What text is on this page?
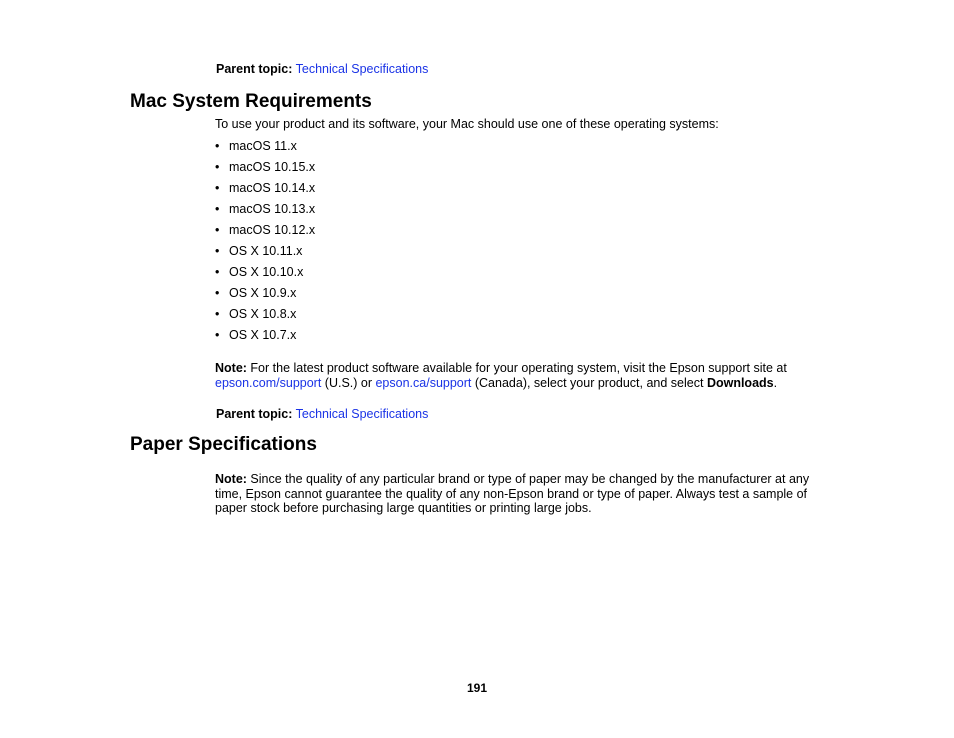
Parent topic: Technical Specifications
Mac System Requirements
To use your product and its software, your Mac should use one of these operating systems:
• macOS 11.x
• macOS 10.15.x
• macOS 10.14.x
• macOS 10.13.x
• macOS 10.12.x
• OS X 10.11.x
• OS X 10.10.x
• OS X 10.9.x
• OS X 10.8.x
• OS X 10.7.x
Note: For the latest product software available for your operating system, visit the Epson support site at epson.com/support (U.S.) or epson.ca/support (Canada), select your product, and select Downloads.
Parent topic: Technical Specifications
Paper Specifications
Note: Since the quality of any particular brand or type of paper may be changed by the manufacturer at any time, Epson cannot guarantee the quality of any non-Epson brand or type of paper. Always test a sample of paper stock before purchasing large quantities or printing large jobs.
191
